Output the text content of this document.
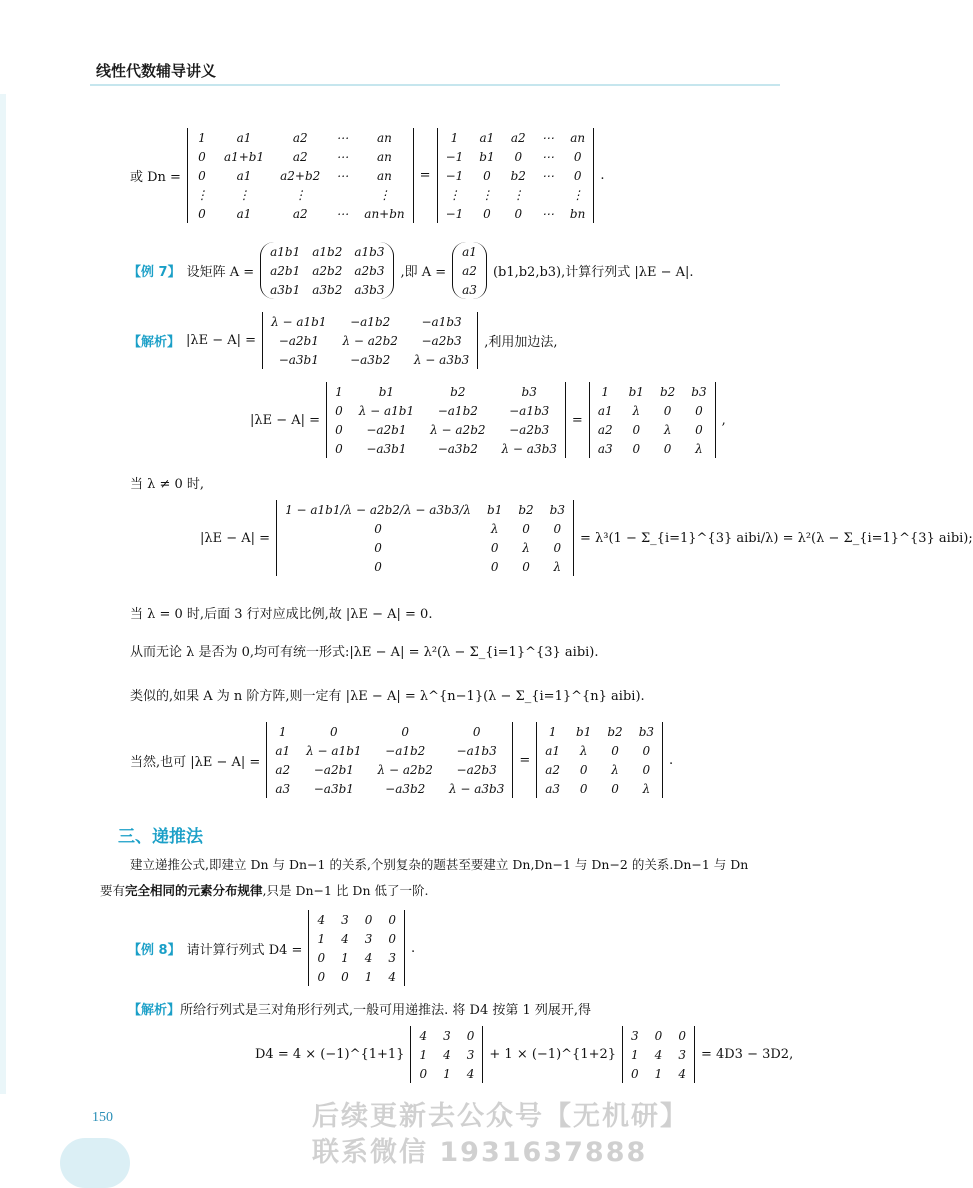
线性代数辅导讲义
或 Dn =
1	a1	a2	⋯	an
0	a1+b1	a2	⋯	an
0	a1	a2+b2	⋯	an
⋮	⋮	⋮		⋮
0	a1	a2	⋯	an+bn
=
1	a1	a2	⋯	an
−1	b1	0	⋯	0
−1	0	b2	⋯	0
⋮	⋮	⋮		⋮
−1	0	0	⋯	bn
.
【例 7】 设矩阵 A =
a1b1	a1b2	a1b3
a2b1	a2b2	a2b3
a3b1	a3b2	a3b3
,即 A =
a1
a2
a3
(b1,b2,b3),计算行列式 |λE − A|.
【解析】 |λE − A| =
λ − a1b1	−a1b2	−a1b3
−a2b1	λ − a2b2	−a2b3
−a3b1	−a3b2	λ − a3b3
,利用加边法,
|λE − A| =
1	b1	b2	b3
0	λ − a1b1	−a1b2	−a1b3
0	−a2b1	λ − a2b2	−a2b3
0	−a3b1	−a3b2	λ − a3b3
=
1	b1	b2	b3
a1	λ	0	0
a2	0	λ	0
a3	0	0	λ
,
当 λ ≠ 0 时,
|λE − A| =
1 − a1b1/λ − a2b2/λ − a3b3/λ	b1	b2	b3
0	λ	0	0
0	0	λ	0
0	0	0	λ
= λ³(1 − Σ_{i=1}^{3} aibi/λ) = λ²(λ − Σ_{i=1}^{3} aibi);
当 λ = 0 时,后面 3 行对应成比例,故 |λE − A| = 0.
从而无论 λ 是否为 0,均可有统一形式:|λE − A| = λ²(λ − Σ_{i=1}^{3} aibi).
类似的,如果 A 为 n 阶方阵,则一定有 |λE − A| = λ^{n−1}(λ − Σ_{i=1}^{n} aibi).
当然,也可 |λE − A| =
1	0	0	0
a1	λ − a1b1	−a1b2	−a1b3
a2	−a2b1	λ − a2b2	−a2b3
a3	−a3b1	−a3b2	λ − a3b3
=
1	b1	b2	b3
a1	λ	0	0
a2	0	λ	0
a3	0	0	λ
.
三、递推法
建立递推公式,即建立 Dn 与 Dn−1 的关系,个别复杂的题甚至要建立 Dn,Dn−1 与 Dn−2 的关系.Dn−1 与 Dn
要有完全相同的元素分布规律,只是 Dn−1 比 Dn 低了一阶.
【例 8】 请计算行列式 D4 =
4	3	0	0
1	4	3	0
0	1	4	3
0	0	1	4
.
【解析】所给行列式是三对角形行列式,一般可用递推法. 将 D4 按第 1 列展开,得
D4 = 4 × (−1)^{1+1}
4	3	0
1	4	3
0	1	4
+ 1 × (−1)^{1+2}
3	0	0
1	4	3
0	1	4
= 4D3 − 3D2,
150	后续更新去公众号【无机研】
联系微信 1931637888
